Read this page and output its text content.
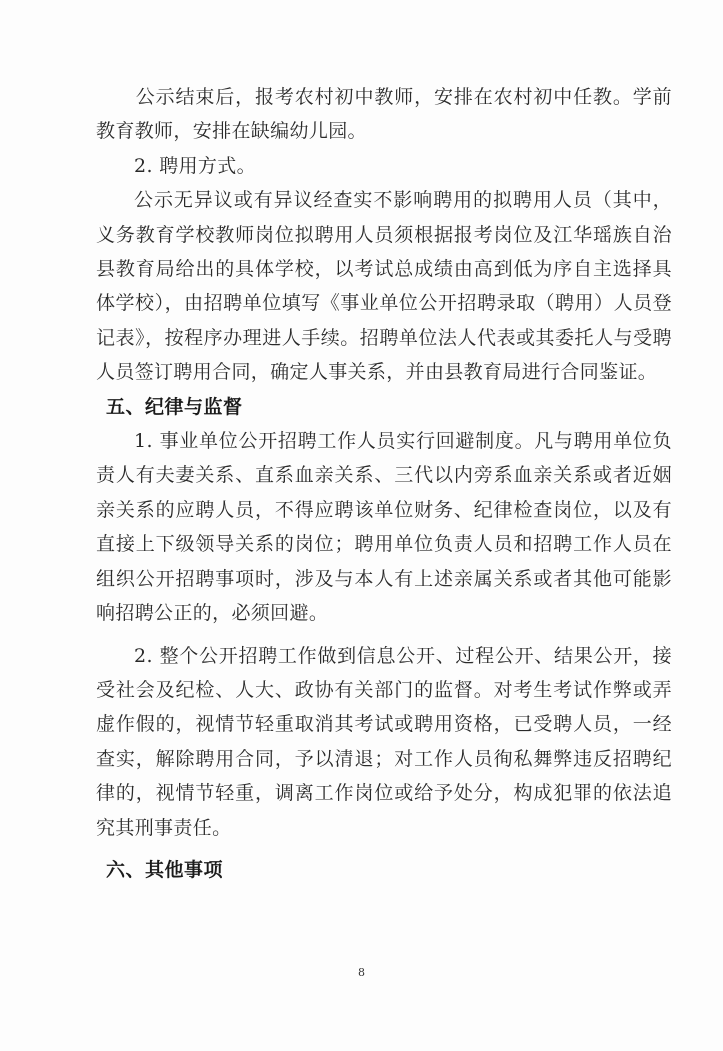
　　公示结束后，报考农村初中教师，安排在农村初中任教。学前教育教师，安排在缺编幼儿园。

2. 聘用方式。

公示无异议或有异议经查实不影响聘用的拟聘用人员（其中，义务教育学校教师岗位拟聘用人员须根据报考岗位及江华瑶族自治县教育局给出的具体学校，以考试总成绩由高到低为序自主选择具体学校），由招聘单位填写《事业单位公开招聘录取（聘用）人员登记表》，按程序办理进人手续。招聘单位法人代表或其委托人与受聘人员签订聘用合同，确定人事关系，并由县教育局进行合同鉴证。

五、纪律与监督

1. 事业单位公开招聘工作人员实行回避制度。凡与聘用单位负责人有夫妻关系、直系血亲关系、三代以内旁系血亲关系或者近姻亲关系的应聘人员，不得应聘该单位财务、纪律检查岗位，以及有直接上下级领导关系的岗位；聘用单位负责人员和招聘工作人员在组织公开招聘事项时，涉及与本人有上述亲属关系或者其他可能影响招聘公正的，必须回避。

2. 整个公开招聘工作做到信息公开、过程公开、结果公开，接受社会及纪检、人大、政协有关部门的监督。对考生考试作弊或弄虚作假的，视情节轻重取消其考试或聘用资格，已受聘人员，一经查实，解除聘用合同，予以清退；对工作人员徇私舞弊违反招聘纪律的，视情节轻重，调离工作岗位或给予处分，构成犯罪的依法追究其刑事责任。

六、其他事项

8
